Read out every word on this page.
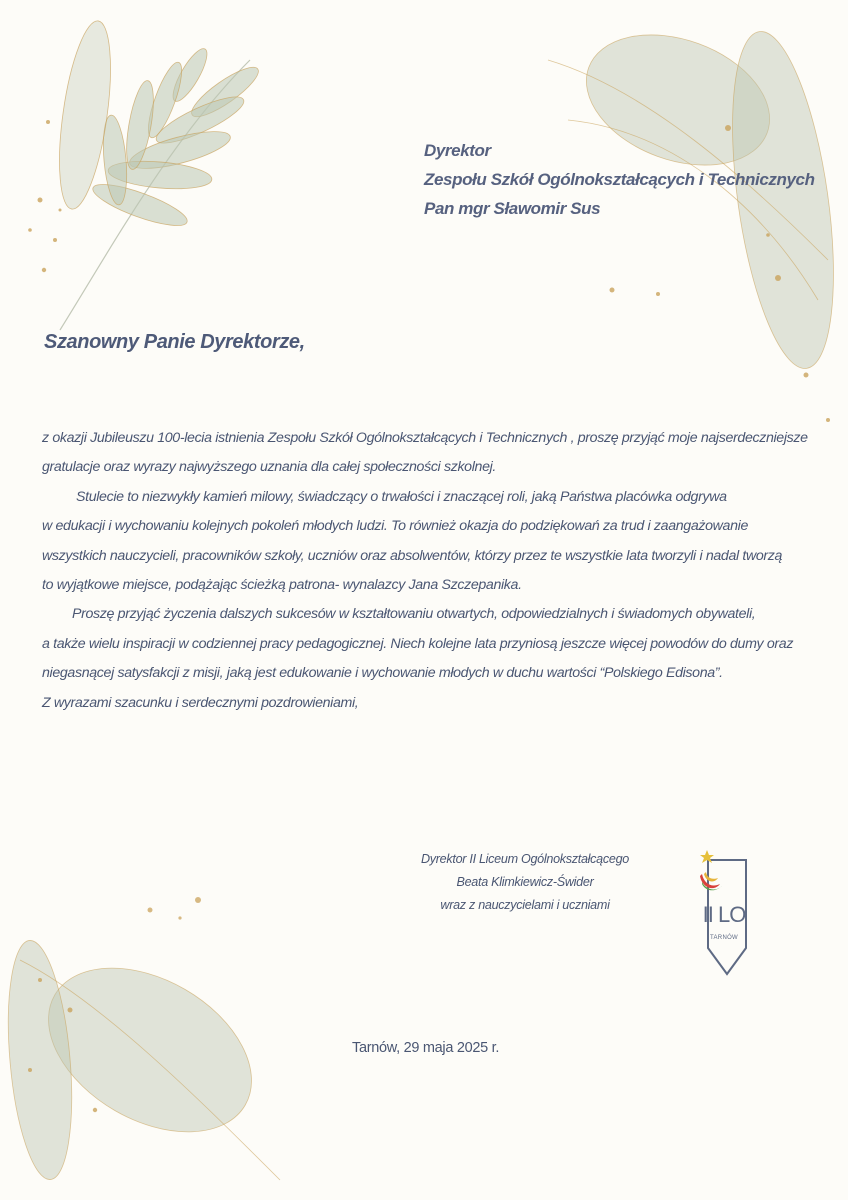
Dyrektor
Zespołu Szkół Ogólnokształcących i Technicznych
Pan mgr Sławomir Sus
Szanowny Panie Dyrektorze,
z okazji Jubileuszu 100-lecia istnienia Zespołu Szkół Ogólnokształcących i Technicznych , proszę przyjąć moje najserdeczniejsze
gratulacje oraz wyrazy najwyższego uznania dla całej społeczności szkolnej.
Stulecie to niezwykły kamień milowy, świadczący o trwałości i znaczącej roli, jaką Państwa placówka odgrywa
w edukacji i wychowaniu kolejnych pokoleń młodych ludzi. To również okazja do podziękowań za trud i zaangażowanie
wszystkich nauczycieli, pracowników szkoły, uczniów oraz absolwentów, którzy przez te wszystkie lata tworzyli i nadal tworzą
to wyjątkowe miejsce, podążając ścieżką patrona- wynalazcy Jana Szczepanika.
Proszę przyjąć życzenia dalszych sukcesów w kształtowaniu otwartych, odpowiedzialnych i świadomych obywateli,
a także wielu inspiracji w codziennej pracy pedagogicznej. Niech kolejne lata przyniosą jeszcze więcej powodów do dumy oraz
niegasnącej satysfakcji z misji, jaką jest edukowanie i wychowanie młodych w duchu wartości “Polskiego Edisona”.
Z wyrazami szacunku i serdecznymi pozdrowieniami,
Dyrektor II Liceum Ogólnokształcącego
Beata Klimkiewicz-Świder
wraz z nauczycielami i uczniami	II LO
TARNÓW
Tarnów, 29 maja 2025 r.
